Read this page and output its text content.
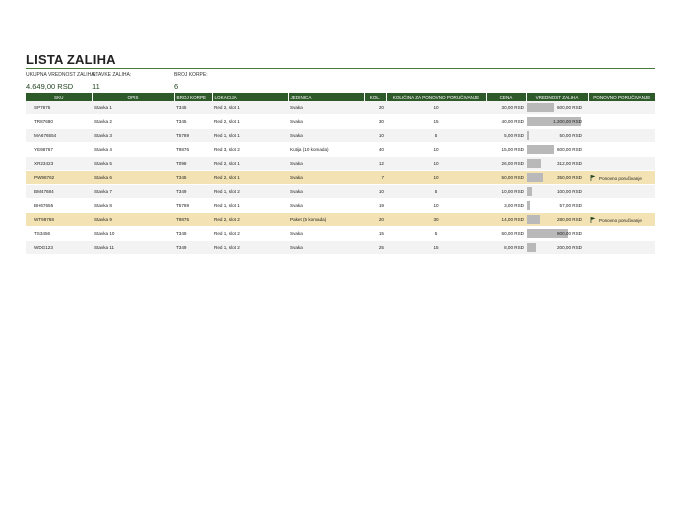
LISTA ZALIHA
UKUPNA VREDNOST ZALIHA:
4.649,00 RSD
STAVKE ZALIHA:
11
BROJ KORPE:
6
SKU	OPIS	BROJ KORPE	LOKACIJA	JEDINICA	KOL.	KOLIČINA ZA PONOVNO PORUČIVANJE	CENA	VREDNOST ZALIHA	PONOVNO PORUČIVANJE
SP7875	Stavka 1	T345	Red 2, slot 1	Svaka	20	10	30,00 RSD	600,00 RSD	

TR87680	Stavka 2	T345	Red 2, slot 1	Svaka	30	15	40,00 RSD	1.200,00 RSD	

MA676554	Stavka 3	T5789	Red 1, slot 1	Svaka	10	5	5,00 RSD	50,00 RSD	

YE98767	Stavka 4	T9876	Red 3, slot 2	Kutija (10 komada)	40	10	15,00 RSD	600,00 RSD	

XR23423	Stavka 5	T098	Red 2, slot 1	Svaka	12	10	26,00 RSD	312,00 RSD	

PW98762	Stavka 6	T345	Red 2, slot 1	Svaka	7	10	50,00 RSD	350,00 RSD	Ponovno poručivanje
BM47684	Stavka 7	T349	Red 1, slot 2	Svaka	10	5	10,00 RSD	100,00 RSD	

BH67655	Stavka 8	T5789	Red 1, slot 1	Svaka	19	10	3,00 RSD	57,00 RSD	

WT98768	Stavka 9	T9875	Red 2, slot 2	Paket (5 komada)	20	30	14,00 RSD	280,00 RSD	Ponovno poručivanje
TS3456	Stavka 10	T349	Red 1, slot 2	Svaka	15	5	60,00 RSD	900,00 RSD	

WDG123	Stavka 11	T349	Red 1, slot 2	Svaka	25	15	8,00 RSD	200,00 RSD	
